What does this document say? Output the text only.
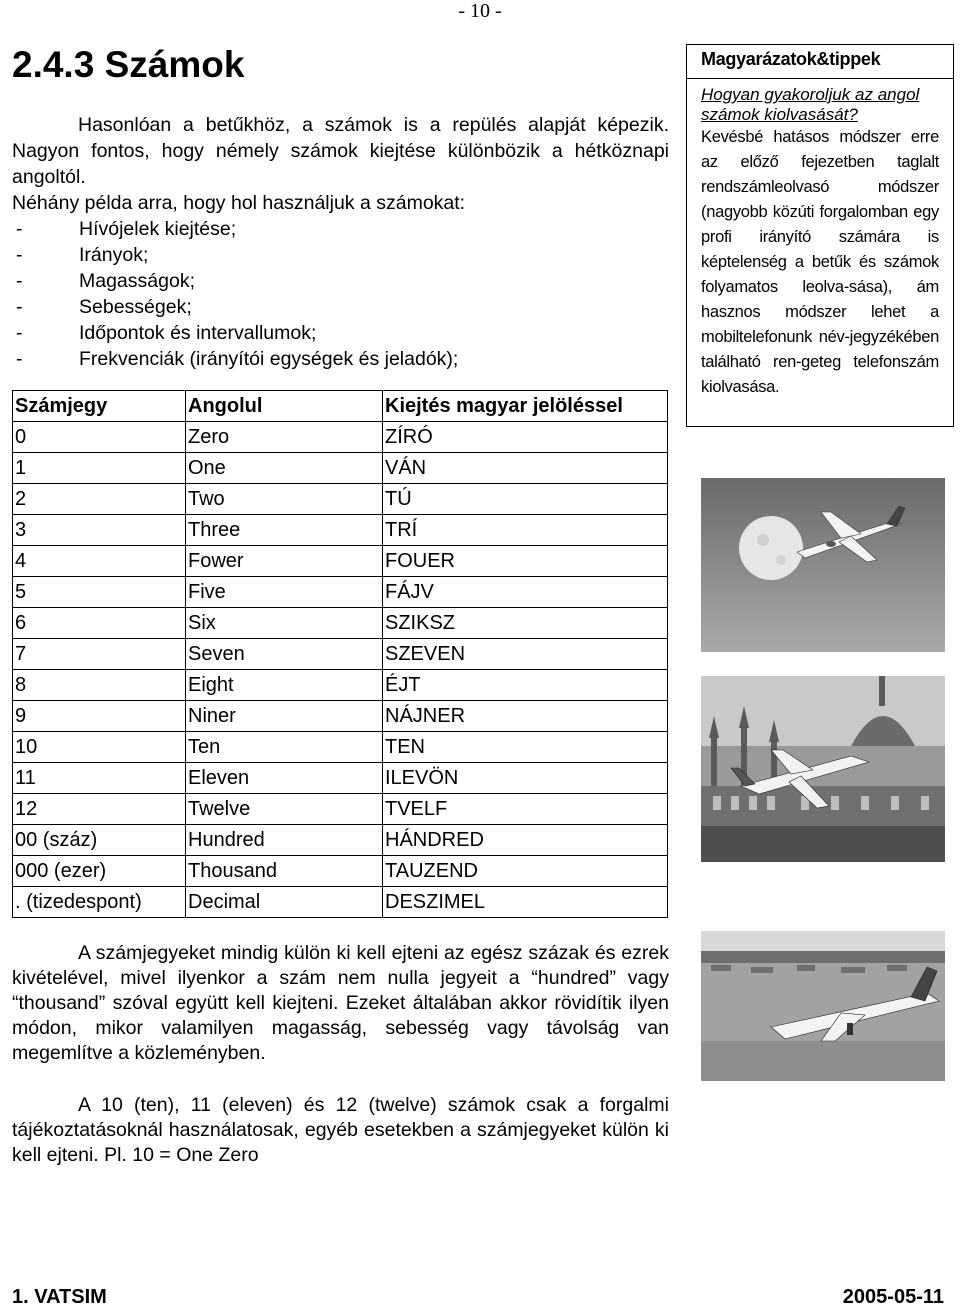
- 10 -
2.4.3 Számok

Hasonlóan a betűkhöz, a számok is a repülés alapját képezik. Nagyon fontos, hogy némely számok kiejtése különbözik a hétköznapi angoltól.

Néhány példa arra, hogy hol használjuk a számokat:

-	Hívójelek kiejtése;
-	Irányok;
-	Magasságok;
-	Sebességek;
-	Időpontok és intervallumok;
-	Frekvenciák (irányítói egységek és jeladók);
Számjegy	Angolul	Kiejtés magyar jelöléssel
0	Zero	ZÍRÓ
1	One	VÁN
2	Two	TÚ
3	Three	TRÍ
4	Fower	FOUER
5	Five	FÁJV
6	Six	SZIKSZ
7	Seven	SZEVEN
8	Eight	ÉJT
9	Niner	NÁJNER
10	Ten	TEN
11	Eleven	ILEVÖN
12	Twelve	TVELF
00 (száz)	Hundred	HÁNDRED
000 (ezer)	Thousand	TAUZEND
. (tizedespont)	Decimal	DESZIMEL

A számjegyeket mindig külön ki kell ejteni az egész százak és ezrek kivételével, mivel ilyenkor a szám nem nulla jegyeit a “hundred” vagy “thousand” szóval együtt kell kiejteni. Ezeket általában akkor rövidítik ilyen módon, mikor valamilyen magasság, sebesség vagy távolság van megemlítve a közleményben.

A 10 (ten), 11 (eleven) és 12 (twelve) számok csak a forgalmi tájékoztatásoknál használatosak, egyéb esetekben a számjegyeket külön ki kell ejteni. Pl. 10 = One Zero

Magyarázatok&tippek
Hogyan gyakoroljuk az angol számok kiolvasását?
Kevésbé hatásos módszer erre az előző fejezetben taglalt rendszámleolvasó módszer (nagyobb közúti forgalomban egy profi irányító számára is képtelenség a betűk és számok folyamatos leolva-sása), ám hasznos módszer lehet a mobiltelefonunk név-jegyzékében található ren-geteg telefonszám kiolvasása.
1. VATSIM	2005-05-11
